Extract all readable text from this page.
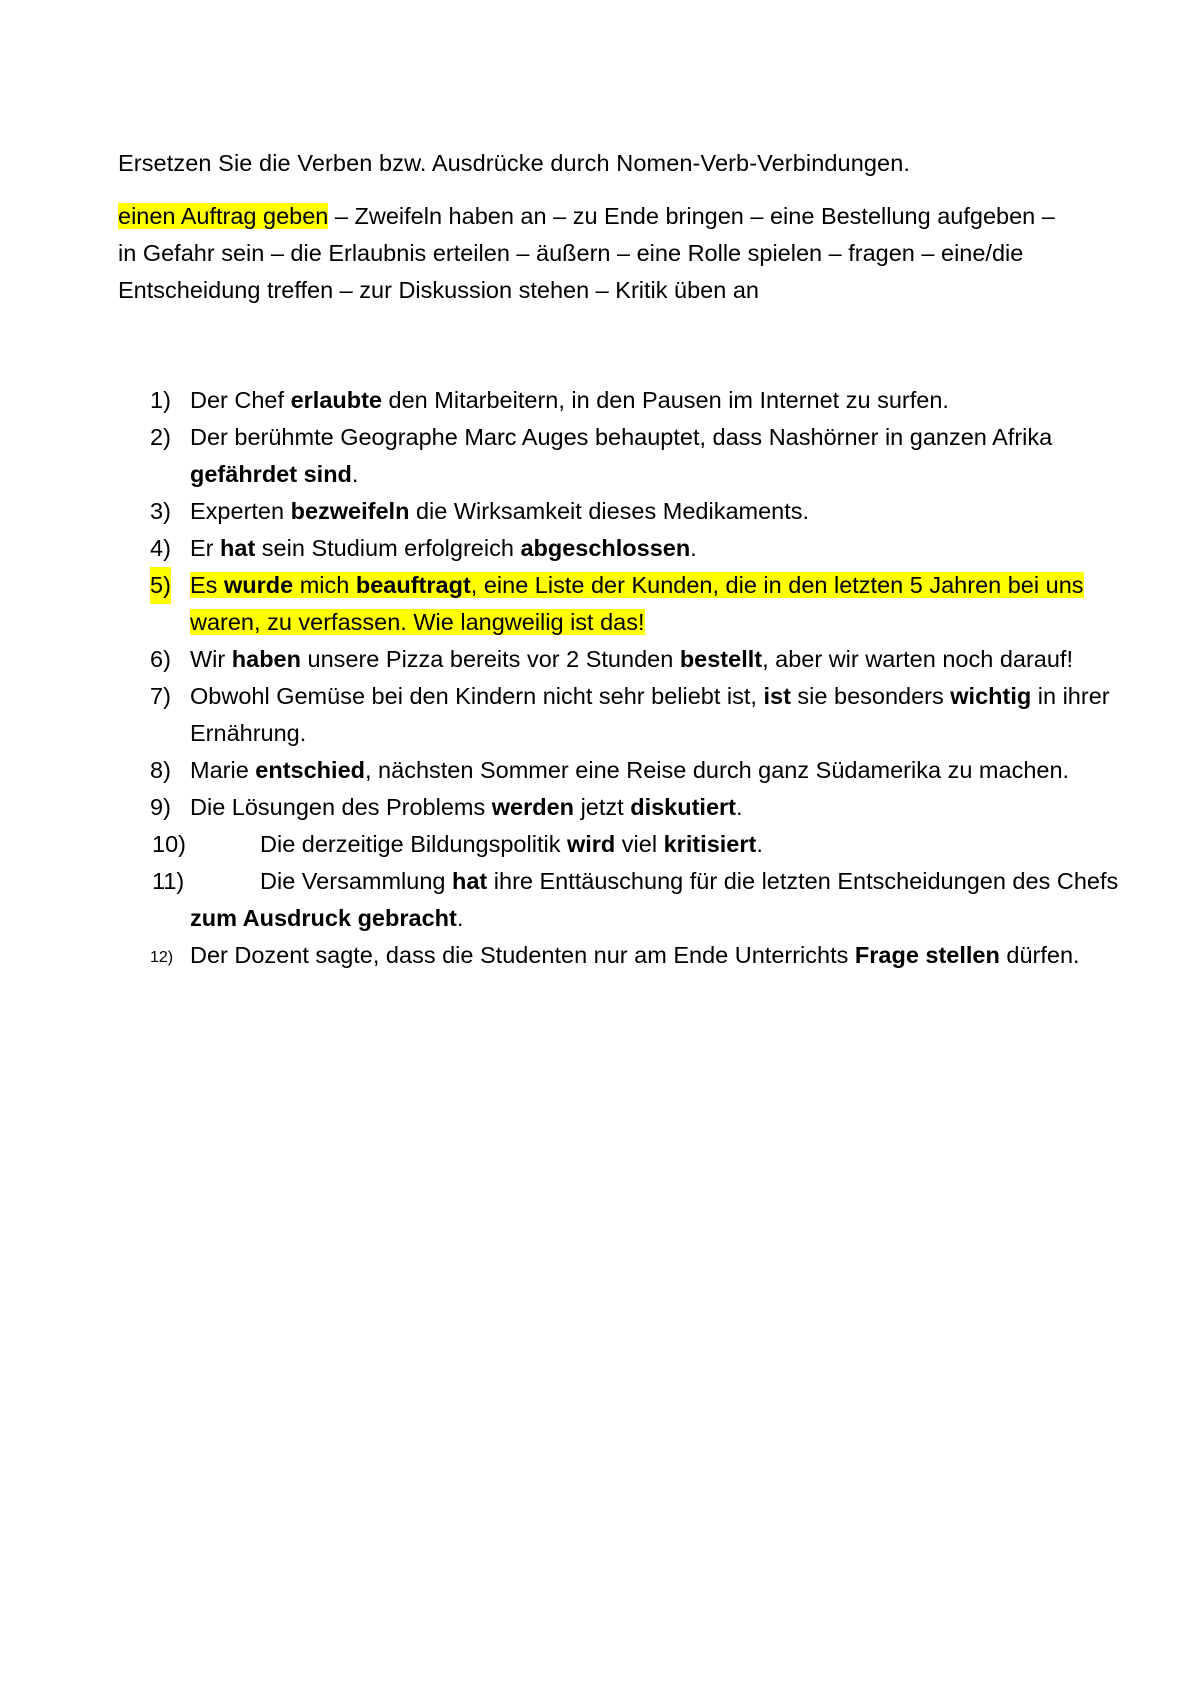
Ersetzen Sie die Verben bzw. Ausdrücke durch Nomen-Verb-Verbindungen.

einen Auftrag geben – Zweifeln haben an – zu Ende bringen – eine Bestellung aufgeben – in Gefahr sein – die Erlaubnis erteilen – äußern – eine Rolle spielen – fragen – eine/die Entscheidung treffen – zur Diskussion stehen – Kritik üben an

1) Der Chef erlaubte den Mitarbeitern, in den Pausen im Internet zu surfen.
2) Der berühmte Geographe Marc Auges behauptet, dass Nashörner in ganzen Afrika gefährdet sind.
3) Experten bezweifeln die Wirksamkeit dieses Medikaments.
4) Er hat sein Studium erfolgreich abgeschlossen.
5) Es wurde mich beauftragt, eine Liste der Kunden, die in den letzten 5 Jahren bei uns waren, zu verfassen. Wie langweilig ist das!
6) Wir haben unsere Pizza bereits vor 2 Stunden bestellt, aber wir warten noch darauf!
7) Obwohl Gemüse bei den Kindern nicht sehr beliebt ist, ist sie besonders wichtig in ihrer Ernährung.
8) Marie entschied, nächsten Sommer eine Reise durch ganz Südamerika zu machen.
9) Die Lösungen des Problems werden jetzt diskutiert.
10)	Die derzeitige Bildungspolitik wird viel kritisiert.
11)	Die Versammlung hat ihre Enttäuschung für die letzten Entscheidungen des Chefs zum Ausdruck gebracht.
12) Der Dozent sagte, dass die Studenten nur am Ende Unterrichts Frage stellen dürfen.
